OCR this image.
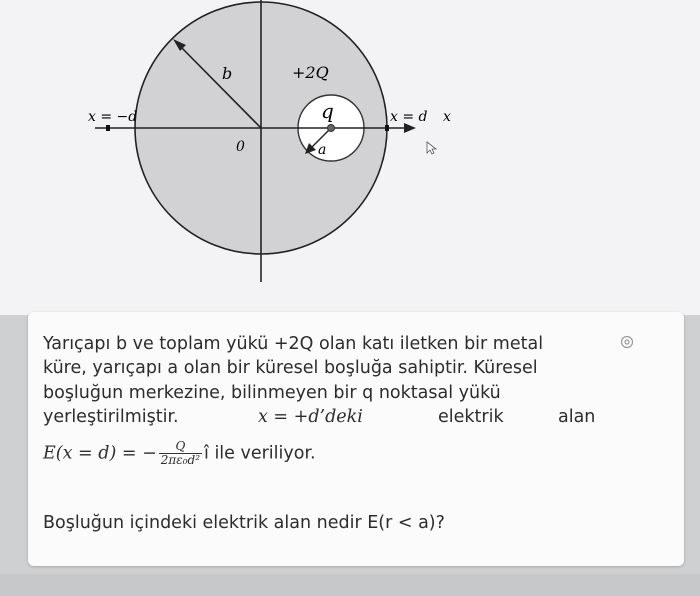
b	+2Q
q
a
0
x = −d	x = d x
Yarıçapı b ve toplam yükü +2Q olan katı iletken bir metal
küre, yarıçapı a olan bir küresel boşluğa sahiptir. Küresel
boşluğun merkezine, bilinmeyen bir q noktasal yükü
yerleştirilmiştir.	x = +d’deki	elektrik	alan
E(x = d) = − $\frac{Q}{\text{2πε₀d²}}$ î ile veriliyor.
Boşluğun içindeki elektrik alan nedir E(r < a)?
